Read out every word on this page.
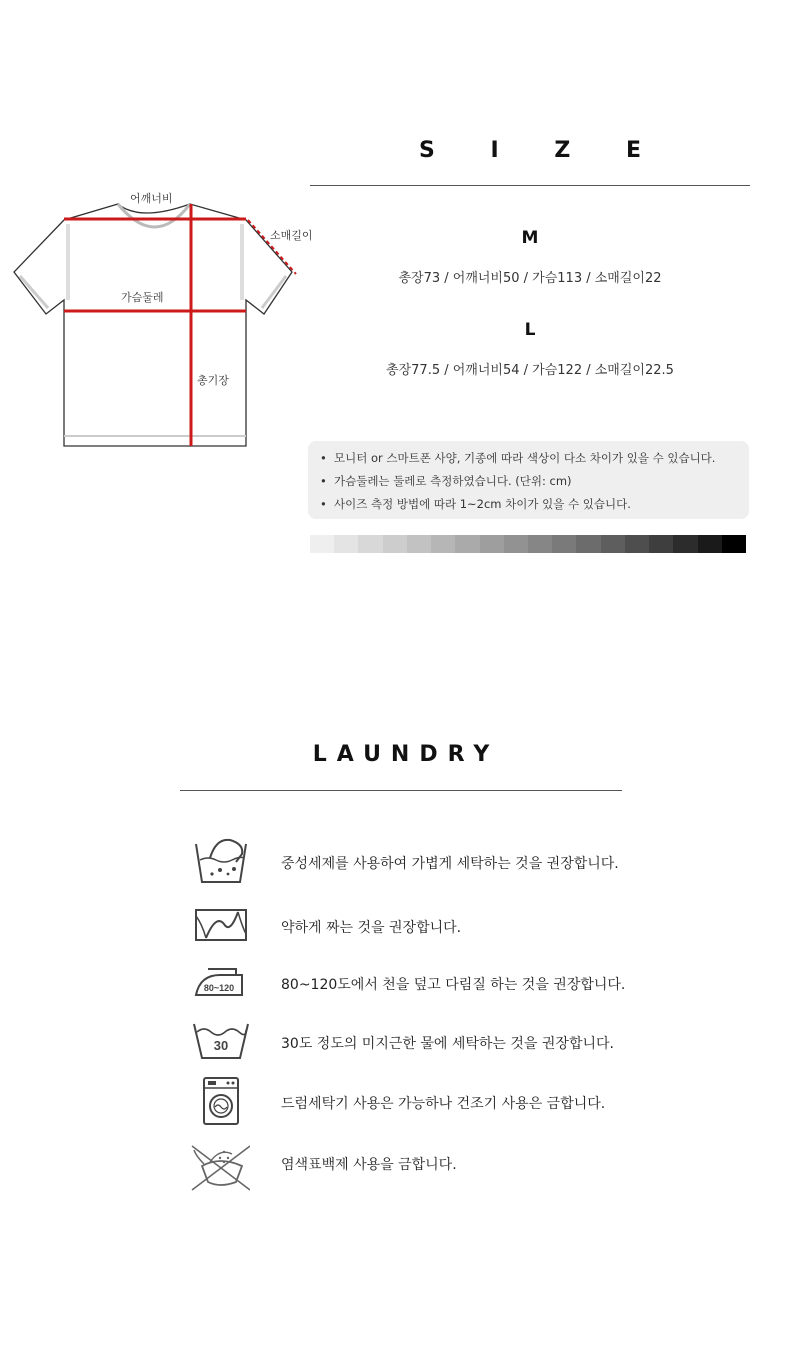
S I Z E
어깨너비
소매길이
가슴둘레
총기장
M
총장73 / 어깨너비50 / 가슴113 / 소매길이22
L
총장77.5 / 어깨너비54 / 가슴122 / 소매길이22.5
• 모니터 or 스마트폰 사양, 기종에 따라 색상이 다소 차이가 있을 수 있습니다.
• 가슴둘레는 둘레로 측정하였습니다. (단위: cm)
• 사이즈 측정 방법에 따라 1~2cm 차이가 있을 수 있습니다.
LAUNDRY
중성세제를 사용하여 가볍게 세탁하는 것을 권장합니다.
약하게 짜는 것을 권장합니다.
80~120	80~120도에서 천을 덮고 다림질 하는 것을 권장합니다.
30	30도 정도의 미지근한 물에 세탁하는 것을 권장합니다.
드럼세탁기 사용은 가능하나 건조기 사용은 금합니다.
염색표백제 사용을 금합니다.
